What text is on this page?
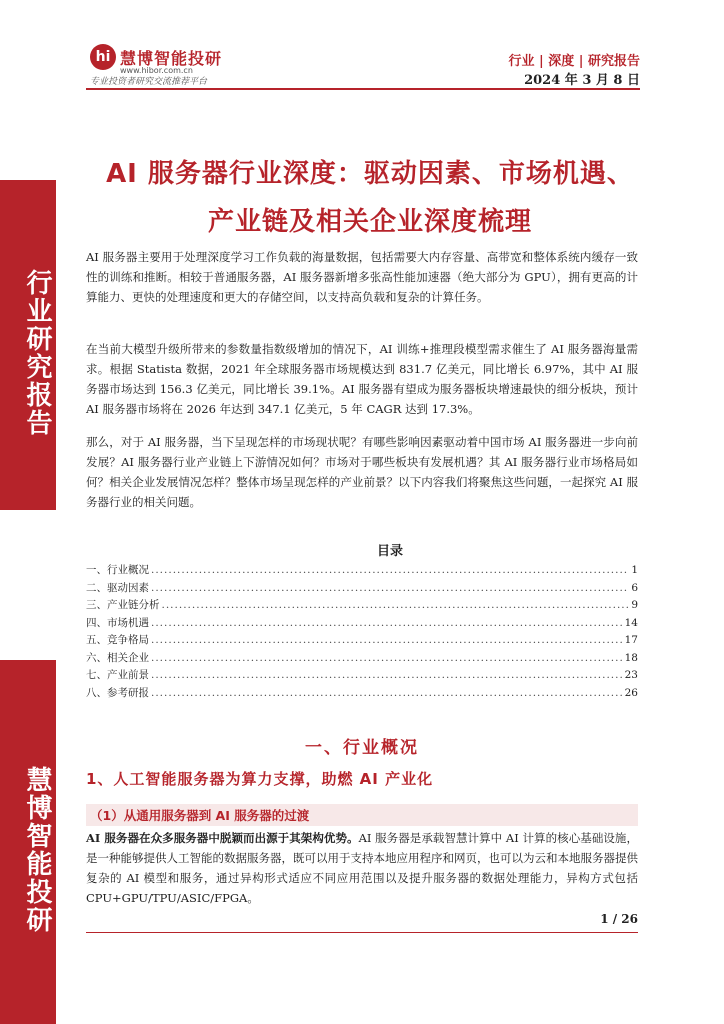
行业研究报告
慧博智能投研
hi 慧博智能投研
www.hibor.com.cn
专业投资者研究交流推荐平台
行业 | 深度 | 研究报告
2024 年 3 月 8 日
AI 服务器行业深度：驱动因素、市场机遇、
产业链及相关企业深度梳理
AI 服务器主要用于处理深度学习工作负载的海量数据，包括需要大内存容量、高带宽和整体系统内缓存一致性的训练和推断。相较于普通服务器，AI 服务器新增多张高性能加速器（绝大部分为 GPU），拥有更高的计算能力、更快的处理速度和更大的存储空间，以支持高负载和复杂的计算任务。
在当前大模型升级所带来的参数量指数级增加的情况下，AI 训练+推理段模型需求催生了 AI 服务器海量需求。根据 Statista 数据，2021 年全球服务器市场规模达到 831.7 亿美元，同比增长 6.97%，其中 AI 服务器市场达到 156.3 亿美元，同比增长 39.1%。AI 服务器有望成为服务器板块增速最快的细分板块，预计 AI 服务器市场将在 2026 年达到 347.1 亿美元，5 年 CAGR 达到 17.3%。
那么，对于 AI 服务器，当下呈现怎样的市场现状呢？有哪些影响因素驱动着中国市场 AI 服务器进一步向前发展？AI 服务器行业产业链上下游情况如何？市场对于哪些板块有发展机遇？其 AI 服务器行业市场格局如何？相关企业发展情况怎样？整体市场呈现怎样的产业前景？以下内容我们将聚焦这些问题，一起探究 AI 服务器行业的相关问题。
目录
一、行业概况 .....	1
二、驱动因素 .....	6
三、产业链分析 .....	9
四、市场机遇 .....	14
五、竞争格局 .....	17
六、相关企业 .....	18
七、产业前景 .....	23
八、参考研报 .....	26
一、行业概况
1、人工智能服务器为算力支撑，助燃 AI 产业化
（1）从通用服务器到 AI 服务器的过渡
AI 服务器在众多服务器中脱颖而出源于其架构优势。AI 服务器是承载智慧计算中 AI 计算的核心基础设施，是一种能够提供人工智能的数据服务器，既可以用于支持本地应用程序和网页，也可以为云和本地服务器提供复杂的 AI 模型和服务，通过异构形式适应不同应用范围以及提升服务器的数据处理能力，异构方式包括 CPU+GPU/TPU/ASIC/FPGA。
1 / 26
